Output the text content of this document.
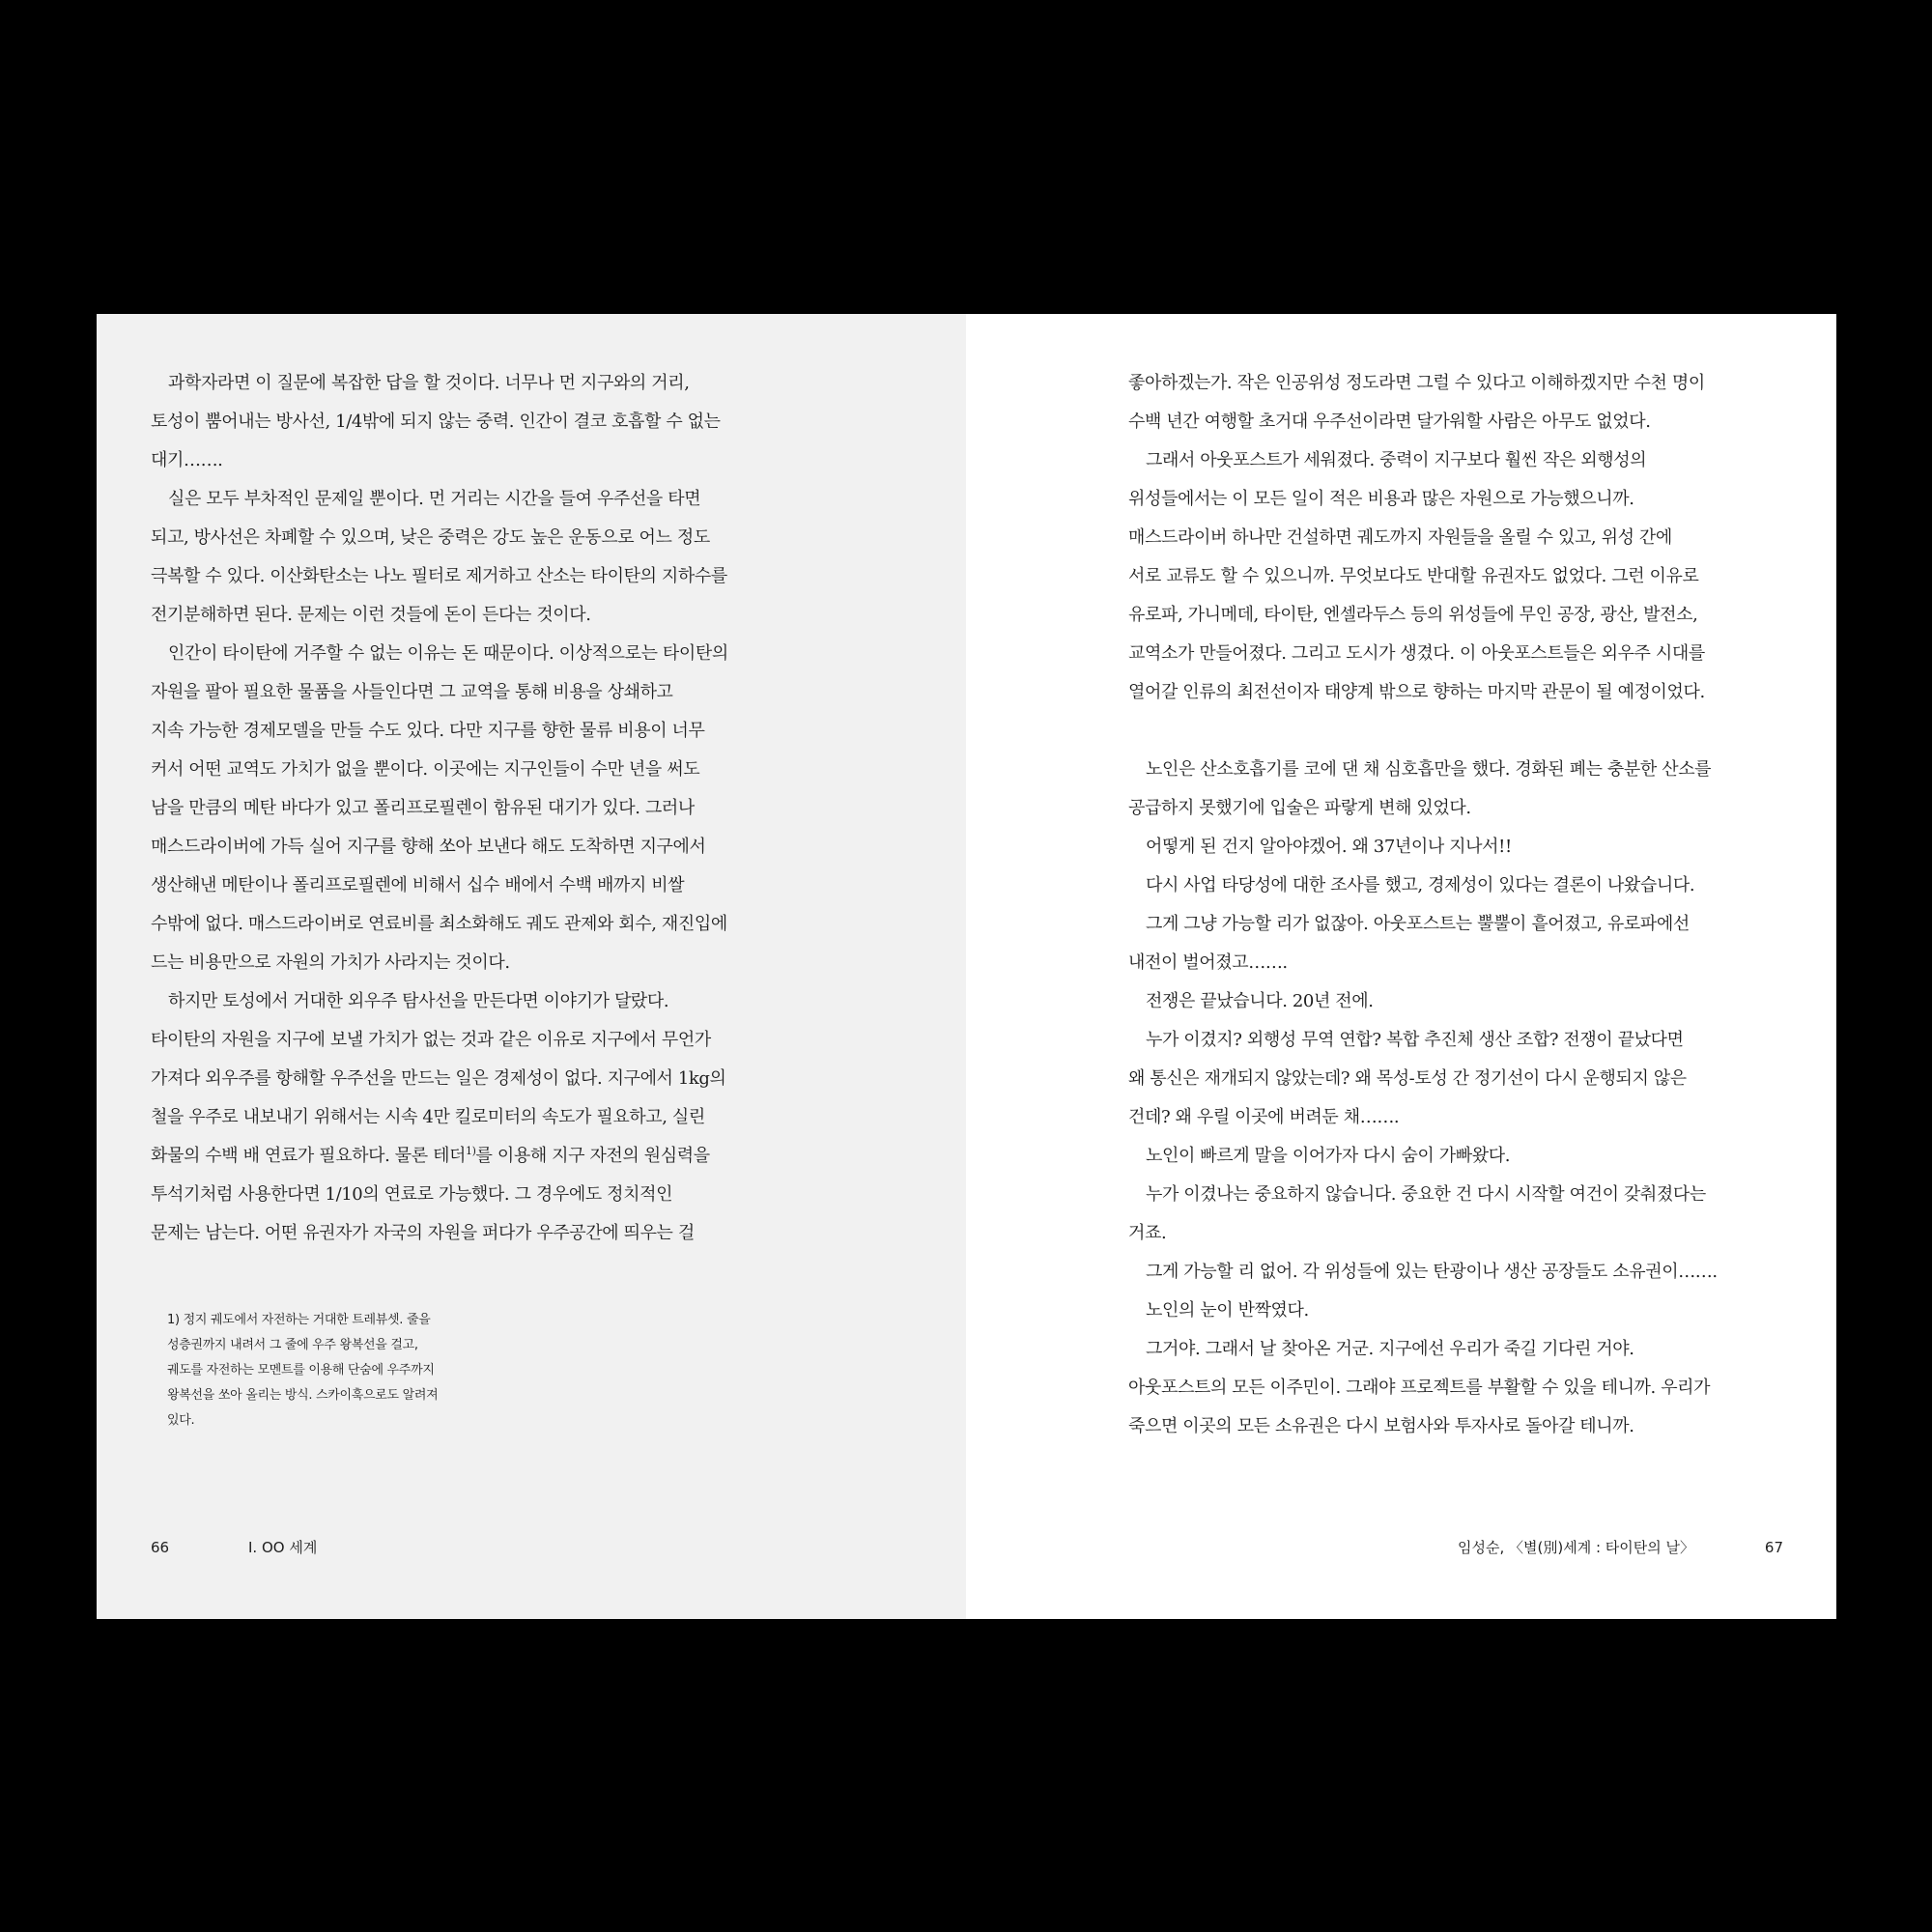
과학자라면 이 질문에 복잡한 답을 할 것이다. 너무나 먼 지구와의 거리,
토성이 뿜어내는 방사선, 1/4밖에 되지 않는 중력. 인간이 결코 호흡할 수 없는
대기…….
실은 모두 부차적인 문제일 뿐이다. 먼 거리는 시간을 들여 우주선을 타면
되고, 방사선은 차폐할 수 있으며, 낮은 중력은 강도 높은 운동으로 어느 정도
극복할 수 있다. 이산화탄소는 나노 필터로 제거하고 산소는 타이탄의 지하수를
전기분해하면 된다. 문제는 이런 것들에 돈이 든다는 것이다.
인간이 타이탄에 거주할 수 없는 이유는 돈 때문이다. 이상적으로는 타이탄의
자원을 팔아 필요한 물품을 사들인다면 그 교역을 통해 비용을 상쇄하고
지속 가능한 경제모델을 만들 수도 있다. 다만 지구를 향한 물류 비용이 너무
커서 어떤 교역도 가치가 없을 뿐이다. 이곳에는 지구인들이 수만 년을 써도
남을 만큼의 메탄 바다가 있고 폴리프로필렌이 함유된 대기가 있다. 그러나
매스드라이버에 가득 실어 지구를 향해 쏘아 보낸다 해도 도착하면 지구에서
생산해낸 메탄이나 폴리프로필렌에 비해서 십수 배에서 수백 배까지 비쌀
수밖에 없다. 매스드라이버로 연료비를 최소화해도 궤도 관제와 회수, 재진입에
드는 비용만으로 자원의 가치가 사라지는 것이다.
하지만 토성에서 거대한 외우주 탐사선을 만든다면 이야기가 달랐다.
타이탄의 자원을 지구에 보낼 가치가 없는 것과 같은 이유로 지구에서 무언가
가져다 외우주를 항해할 우주선을 만드는 일은 경제성이 없다. 지구에서 1kg의
철을 우주로 내보내기 위해서는 시속 4만 킬로미터의 속도가 필요하고, 실린
화물의 수백 배 연료가 필요하다. 물론 테더$^{1)}$를 이용해 지구 자전의 원심력을
투석기처럼 사용한다면 1/10의 연료로 가능했다. 그 경우에도 정치적인
문제는 남는다. 어떤 유권자가 자국의 자원을 퍼다가 우주공간에 띄우는 걸
1) 정지 궤도에서 자전하는 거대한 트레뷰셋. 줄을
성층권까지 내려서 그 줄에 우주 왕복선을 걸고,
궤도를 자전하는 모멘트를 이용해 단숨에 우주까지
왕복선을 쏘아 올리는 방식. 스카이훅으로도 알려져
있다.
66	Ⅰ. OO 세계
좋아하겠는가. 작은 인공위성 정도라면 그럴 수 있다고 이해하겠지만 수천 명이
수백 년간 여행할 초거대 우주선이라면 달가워할 사람은 아무도 없었다.
그래서 아웃포스트가 세워졌다. 중력이 지구보다 훨씬 작은 외행성의
위성들에서는 이 모든 일이 적은 비용과 많은 자원으로 가능했으니까.
매스드라이버 하나만 건설하면 궤도까지 자원들을 올릴 수 있고, 위성 간에
서로 교류도 할 수 있으니까. 무엇보다도 반대할 유권자도 없었다. 그런 이유로
유로파, 가니메데, 타이탄, 엔셀라두스 등의 위성들에 무인 공장, 광산, 발전소,
교역소가 만들어졌다. 그리고 도시가 생겼다. 이 아웃포스트들은 외우주 시대를
열어갈 인류의 최전선이자 태양계 밖으로 향하는 마지막 관문이 될 예정이었다.
노인은 산소호흡기를 코에 댄 채 심호흡만을 했다. 경화된 폐는 충분한 산소를
공급하지 못했기에 입술은 파랗게 변해 있었다.
어떻게 된 건지 알아야겠어. 왜 37년이나 지나서!!
다시 사업 타당성에 대한 조사를 했고, 경제성이 있다는 결론이 나왔습니다.
그게 그냥 가능할 리가 없잖아. 아웃포스트는 뿔뿔이 흩어졌고, 유로파에선
내전이 벌어졌고…….
전쟁은 끝났습니다. 20년 전에.
누가 이겼지? 외행성 무역 연합? 복합 추진체 생산 조합? 전쟁이 끝났다면
왜 통신은 재개되지 않았는데? 왜 목성-토성 간 정기선이 다시 운행되지 않은
건데? 왜 우릴 이곳에 버려둔 채…….
노인이 빠르게 말을 이어가자 다시 숨이 가빠왔다.
누가 이겼나는 중요하지 않습니다. 중요한 건 다시 시작할 여건이 갖춰졌다는
거죠.
그게 가능할 리 없어. 각 위성들에 있는 탄광이나 생산 공장들도 소유권이…….
노인의 눈이 반짝였다.
그거야. 그래서 날 찾아온 거군. 지구에선 우리가 죽길 기다린 거야.
아웃포스트의 모든 이주민이. 그래야 프로젝트를 부활할 수 있을 테니까. 우리가
죽으면 이곳의 모든 소유권은 다시 보험사와 투자사로 돌아갈 테니까.
임성순, 〈별(別)세계 : 타이탄의 날〉	67
